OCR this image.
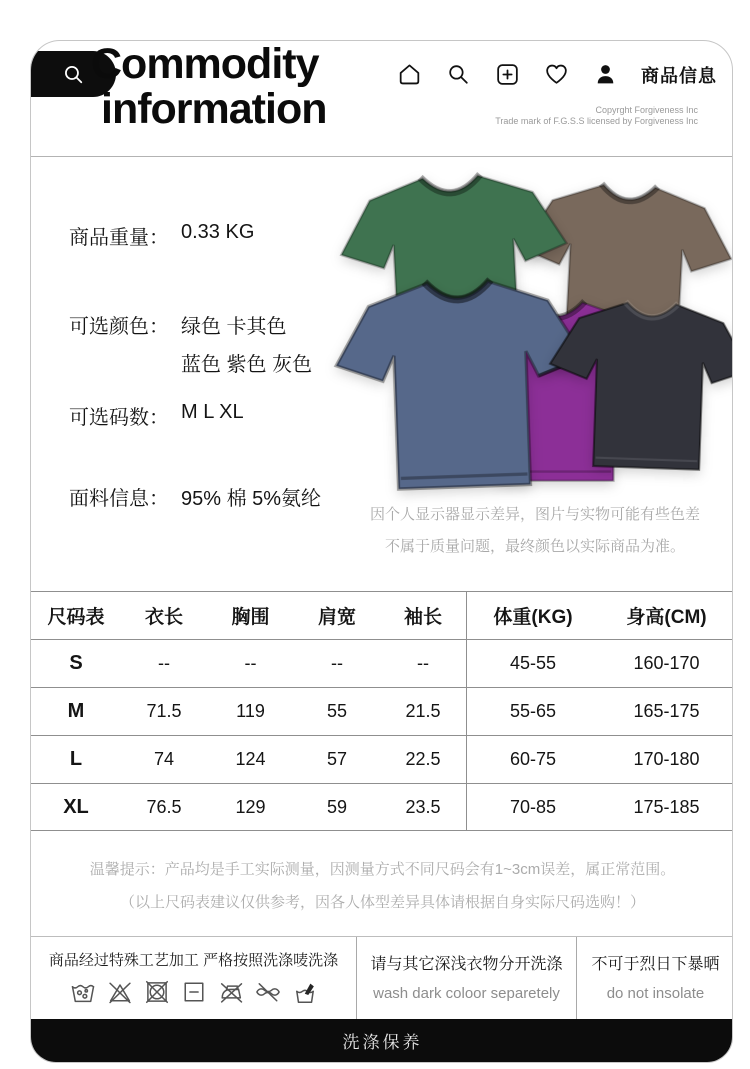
Commodity
information
商品信息
Copyrght Forgiveness Inc
Trade mark of F.G.S.S licensed by Forgiveness Inc
商品重量： 0.33 KG
可选颜色： 绿色 卡其色
蓝色 紫色 灰色
可选码数： M L XL
面料信息： 95% 棉 5%氨纶
因个人显示器显示差异，图片与实物可能有些色差
不属于质量问题，最终颜色以实际商品为准。
尺码表	衣长	胸围	肩宽	袖长	体重(KG)	身高(CM)
S	--	--	--	--	45-55	160-170
M	71.5	119	55	21.5	55-65	165-175
L	74	124	57	22.5	60-75	170-180
XL	76.5	129	59	23.5	70-85	175-185
温馨提示：产品均是手工实际测量，因测量方式不同尺码会有1~3cm误差，属正常范围。
（以上尺码表建议仅供参考，因各人体型差异具体请根据自身实际尺码选购！）
商品经过特殊工艺加工 严格按照洗涤唛洗涤	请与其它深浅衣物分开洗涤
wash dark coloor separetely
不可于烈日下暴晒
do not insolate
洗涤保养
